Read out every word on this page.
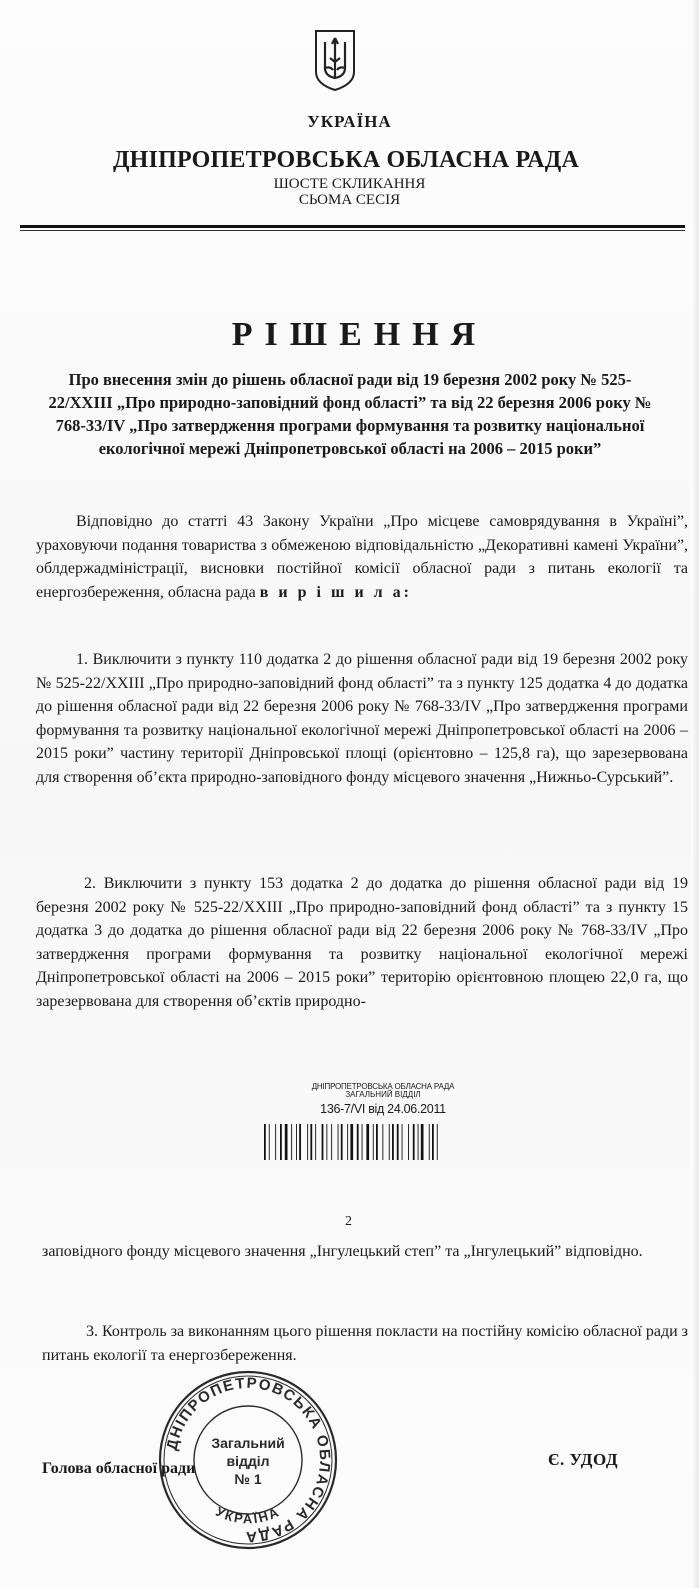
УКРАЇНА
ДНІПРОПЕТРОВСЬКА ОБЛАСНА РАДА
ШОСТЕ СКЛИКАННЯ
СЬОМА СЕСІЯ
РІШЕННЯ
Про внесення змін до рішень обласної ради від 19 березня 2002 року № 525-22/XXIII „Про природно-заповідний фонд області” та від 22 березня 2006 року № 768-33/IV „Про затвердження програми формування та розвитку національної екологічної мережі Дніпропетровської області на 2006 – 2015 роки”
Відповідно до статті 43 Закону України „Про місцеве самоврядування в Україні”, ураховуючи подання товариства з обмеженою відповідальністю „Декоративні камені України”, облдержадміністрації, висновки постійної комісії обласної ради з питань екології та енергозбереження, обласна рада в и р і ш и л а:
1. Виключити з пункту 110 додатка 2 до рішення обласної ради від 19 березня 2002 року № 525-22/XXIII „Про природно-заповідний фонд області” та з пункту 125 додатка 4 до додатка до рішення обласної ради від 22 березня 2006 року № 768-33/IV „Про затвердження програми формування та розвитку національної екологічної мережі Дніпропетровської області на 2006 – 2015 роки” частину території Дніпровської площі (орієнтовно – 125,8 га), що зарезервована для створення об’єкта природно-заповідного фонду місцевого значення „Нижньо-Сурський”.
2. Виключити з пункту 153 додатка 2 до додатка до рішення обласної ради від 19 березня 2002 року № 525-22/XXIII „Про природно-заповідний фонд області” та з пункту 15 додатка 3 до додатка до рішення обласної ради від 22 березня 2006 року № 768-33/IV „Про затвердження програми формування та розвитку національної екологічної мережі Дніпропетровської області на 2006 – 2015 роки” територію орієнтовною площею 22,0 га, що зарезервована для створення об’єктів природно-
ДНІПРОПЕТРОВСЬКА ОБЛАСНА РАДА
ЗАГАЛЬНИЙ ВІДДІЛ
136-7/VI від 24.06.2011
2
заповідного фонду місцевого значення „Інгулецький степ” та „Інгулецький” відповідно.
3. Контроль за виконанням цього рішення покласти на постійну комісію обласної ради з питань екології та енергозбереження.
Голова обласної ради	Є. УДОД
ДНІПРОПЕТРОВСЬКА ОБЛАСНА РАДА
УКРАЇНА
Загальний
відділ
№ 1
